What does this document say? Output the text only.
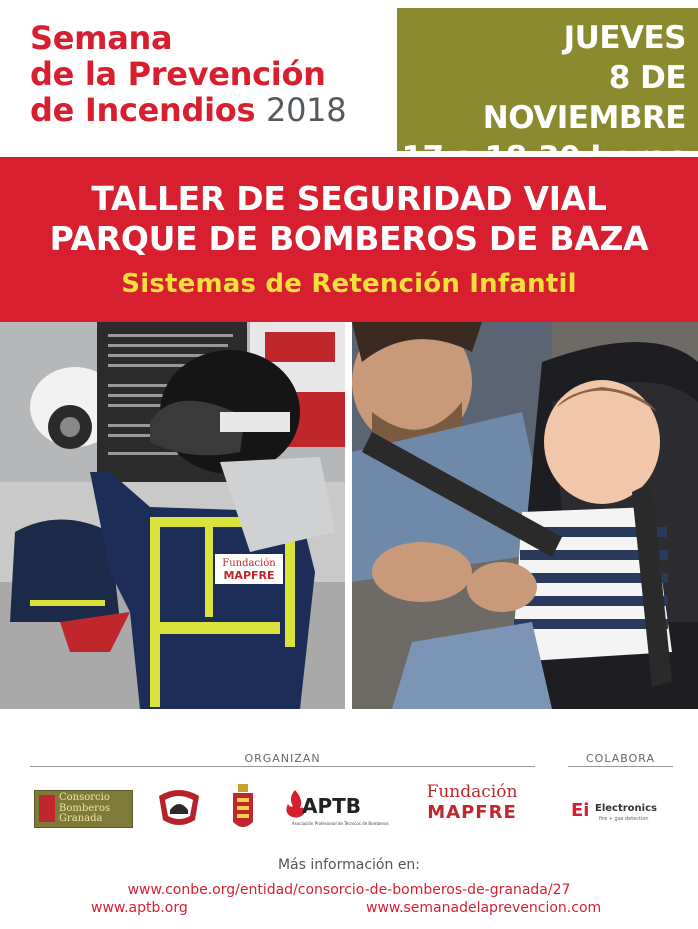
Semana
de la Prevención
de Incendios 2018
JUEVES
8 DE NOVIEMBRE
TALLER DE SEGURIDAD VIAL
PARQUE DE BOMBEROS DE BAZA
Sistemas de Retención Infantil
Fundación
MAPFRE
ORGANIZAN	COLABORA
Consorcio
Bomberos
Granada
APTB
Asociación Profesional de Técnicos de Bomberos
Fundación
MAPFRE	Ei Electronics
fire + gas detection
Más información en:
www.conbe.org/entidad/consorcio-de-bomberos-de-granada/27
www.aptb.org	www.semanadelaprevencion.com
